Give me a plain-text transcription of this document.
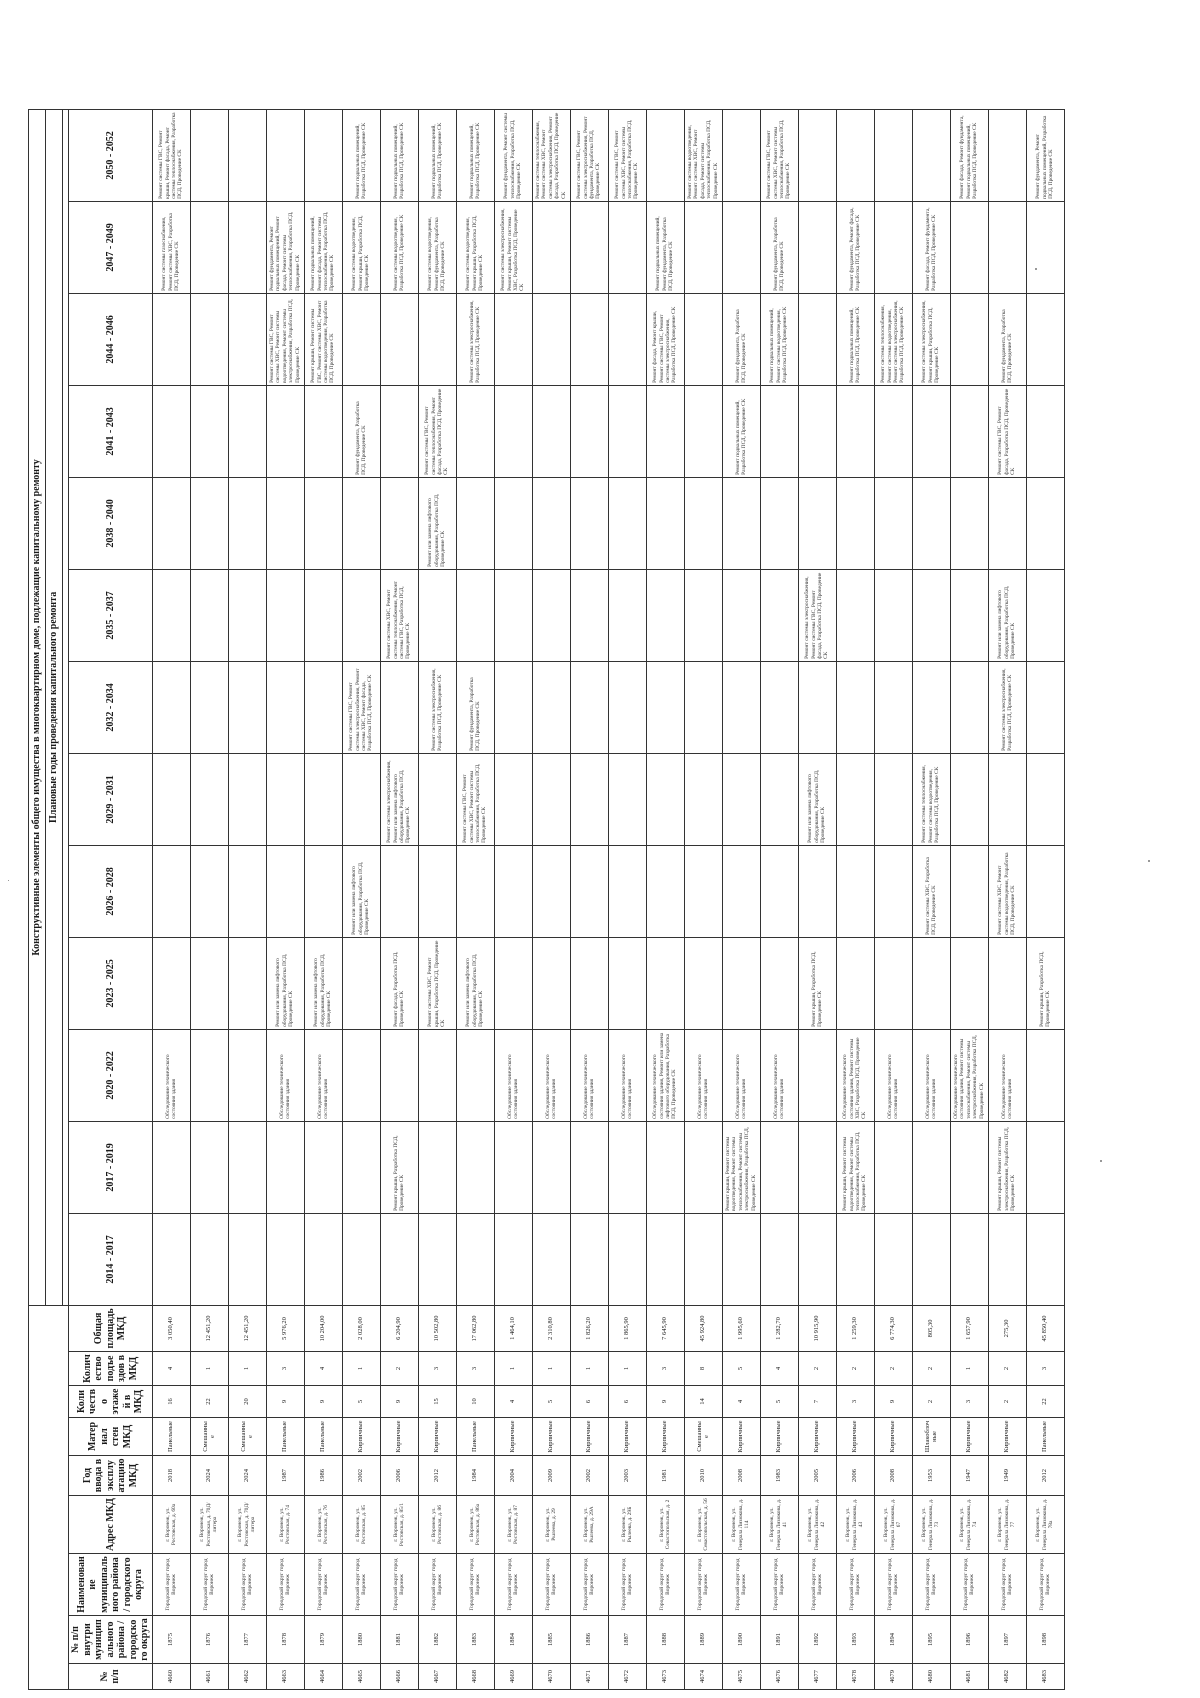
									Конструктивные элементы общего имущества в многоквартирном доме, подлежащие капитальному ремонту												
									Плановые годы проведения капитального ремонта												

№ п/п	№ п/п внутри муниципального района / городского округа	Наименование муниципального района / городского округа	Адрес МКД	Год ввода в эксплуатацию МКД	Материал стен МКД	Количество этажей в МКД	Количество подъездов в МКД	Общая площадь МКД	2014 - 2017	2017 - 2019	2020 - 2022	2023 - 2025	2026 - 2028	2029 - 2031	2032 - 2034	2035 - 2037	2038 - 2040	2041 - 2043	2044 - 2046	2047 - 2049	2050 - 2052
4660	1875	Городской округ город Воронеж	г. Воронеж, ул. Ростовская, д. 60а	2018	Панельные	16	4	3 050,40			Обследование технического состояния здания									Ремонт системы газоснабжения, Ремонт системы ХВС, Разработка ПСД, Проведение СК	Ремонт системы ГВС, Ремонт крыши, Ремонт фасада, Ремонт системы теплоснабжения, Разработка ПСД, Проведение СК
4661	1876	Городской округ город Воронеж	г. Воронеж, ул. Ростовская, д. 70Д/литера	2024	Смешанные	22	1	12 451,20													
4662	1877	Городской округ город Воронеж	г. Воронеж, ул. Ростовская, д. 70Д/литера	2024	Смешанные	20	1	12 451,20													
4663	1878	Городской округ город Воронеж	г. Воронеж, ул. Ростовская, д. 74	1987	Панельные	9	3	5 976,20			Обследование технического состояния здания	Ремонт или замена лифтового оборудования, Разработка ПСД, Проведение СК							Ремонт системы ГВС, Ремонт системы ХВС, Ремонт системы водоотведения, Ремонт системы электроснабжения, Разработка ПСД, Проведение СК	Ремонт фундамента, Ремонт подвальных помещений, Ремонт фасада, Ремонт системы теплоснабжения, Разработка ПСД, Проведение СК	
4664	1879	Городской округ город Воронеж	г. Воронеж, ул. Ростовская, д. 76	1986	Панельные	9	4	10 204,00			Обследование технического состояния здания	Ремонт или замена лифтового оборудования, Разработка ПСД, Проведение СК							Ремонт крыши, Ремонт системы ГВС, Ремонт системы ХВС, Ремонт системы водоотведения, Разработка ПСД, Проведение СК	Ремонт подвальных помещений, Ремонт фасада, Ремонт системы теплоснабжения, Разработка ПСД, Проведение СК	
4665	1880	Городской округ город Воронеж	г. Воронеж, ул. Ростовская, д. 85	2002	Кирпичные	5	1	2 028,00					Ремонт или замена лифтового оборудования, Разработка ПСД, Проведение СК		Ремонт системы ГВС, Ремонт системы электроснабжения, Ремонт системы ХВС, Ремонт фасада, Разработка ПСД, Проведение СК			Ремонт фундамента, Разработка ПСД, Проведение СК		Ремонт системы водоотведения, Ремонт крыши, Разработка ПСД, Проведение СК	Ремонт подвальных помещений, Разработка ПСД, Проведение СК
4666	1881	Городской округ город Воронеж	г. Воронеж, ул. Ростовская, д. 85/1	2006	Кирпичные	9	2	6 204,90		Ремонт крыши, Разработка ПСД, Проведение СК		Ремонт фасада, Разработка ПСД, Проведение СК		Ремонт системы электроснабжения, Ремонт или замена лифтового оборудования, Разработка ПСД, Проведение СК		Ремонт системы ХВС, Ремонт системы теплоснабжения, Ремонт системы ГВС, Разработка ПСД, Проведение СК				Ремонт системы водоотведения, Разработка ПСД, Проведение СК	Ремонт подвальных помещений, Разработка ПСД, Проведение СК
4667	1882	Городской округ город Воронеж	г. Воронеж, ул. Ростовская, д. 86	2012	Кирпичные	15	3	10 502,80				Ремонт системы ХВС, Ремонт крыши, Разработка ПСД, Проведение СК			Ремонт системы электроснабжения, Разработка ПСД, Проведение СК		Ремонт или замена лифтового оборудования, Разработка ПСД, Проведение СК	Ремонт системы ГВС, Ремонт системы теплоснабжения, Ремонт фасада, Разработка ПСД, Проведение СК		Ремонт системы водоотведения, Ремонт фундамента, Разработка ПСД, Проведение СК	Ремонт подвальных помещений, Разработка ПСД, Проведение СК
4668	1883	Городской округ город Воронеж	г. Воронеж, ул. Ростовская, д. 86а	1984	Панельные	10	3	17 062,80				Ремонт или замена лифтового оборудования, Разработка ПСД, Проведение СК		Ремонт системы ГВС, Ремонт системы ХВС, Ремонт системы теплоснабжения, Разработка ПСД, Проведение СК	Ремонт фундамента, Разработка ПСД, Проведение СК				Ремонт системы электроснабжения, Разработка ПСД, Проведение СК	Ремонт системы водоотведения, Ремонт крыши, Разработка ПСД, Проведение СК	Ремонт подвальных помещений, Разработка ПСД, Проведение СК
4669	1884	Городской округ город Воронеж	г. Воронеж, ул. Ростовская, д. 87	2004	Кирпичные	4	1	1 464,10			Обследование технического состояния здания									Ремонт системы электроснабжения, Ремонт крыши, Ремонт системы ХВС, Разработка ПСД, Проведение СК	Ремонт фундамента, Ремонт системы теплоснабжения, Разработка ПСД, Проведение СК
4670	1885	Городской округ город Воронеж	г. Воронеж, ул. Рылеева, д. 29	2009	Кирпичные	5	1	2 310,80			Обследование технического состояния здания										Ремонт системы теплоснабжения, Ремонт системы ХВС, Ремонт системы электроснабжения, Ремонт фасада, Разработка ПСД, Проведение СК
4671	1886	Городской округ город Воронеж	г. Воронеж, ул. Рылеева, д. 29А	2002	Кирпичные	6	1	1 826,20			Обследование технического состояния здания										Ремонт системы ГВС, Ремонт системы электроснабжения, Ремонт фундамента, Разработка ПСД, Проведение СК
4672	1887	Городской округ город Воронеж	г. Воронеж, ул. Рылеева, д. 29Б	2003	Кирпичные	6	1	1 865,90			Обследование технического состояния здания										Ремонт системы ГВС, Ремонт системы ХВС, Ремонт системы теплоснабжения, Разработка ПСД, Проведение СК
4673	1888	Городской округ город Воронеж	г. Воронеж, ул. Севастопольская, д. 2	1981	Кирпичные	9	3	7 645,90			Обследование технического состояния здания, Ремонт или замена лифтового оборудования, Разработка ПСД, Проведение СК								Ремонт фасада, Ремонт крыши, Ремонт системы ГВС, Ремонт системы электроснабжения, Разработка ПСД, Проведение СК	Ремонт подвальных помещений, Ремонт фундамента, Разработка ПСД, Проведение СК	
4674	1889	Городской округ город Воронеж	г. Воронеж, ул. Севастопольская, д. 56	2010	Смешанные	14	8	45 924,80			Обследование технического состояния здания										Ремонт системы водоотведения, Ремонт системы ХВС, Ремонт фасада, Ремонт системы теплоснабжения, Разработка ПСД, Проведение СК
4675	1890	Городской округ город Воронеж	г. Воронеж, ул. Генерала Лизюкова, д. 114	2008	Кирпичные	4	5	1 995,60		Ремонт крыши, Ремонт системы водоотведения, Ремонт системы теплоснабжения, Ремонт системы электроснабжения, Разработка ПСД, Проведение СК	Обследование технического состояния здания							Ремонт подвальных помещений, Разработка ПСД, Проведение СК	Ремонт фундамента, Разработка ПСД, Проведение СК		
4676	1891	Городской округ город Воронеж	г. Воронеж, ул. Генерала Лизюкова, д. 41	1983	Кирпичные	5	4	1 282,70			Обследование технического состояния здания								Ремонт подвальных помещений, Ремонт системы водоотведения, Разработка ПСД, Проведение СК	Ремонт фундамента, Разработка ПСД, Проведение СК	Ремонт системы ГВС, Ремонт системы ХВС, Ремонт системы теплоснабжения, Разработка ПСД, Проведение СК
4677	1892	Городской округ город Воронеж	г. Воронеж, ул. Генерала Лизюкова, д. 42	2005	Кирпичные	7	2	10 915,90				Ремонт крыши, Разработка ПСД, Проведение СК		Ремонт или замена лифтового оборудования, Разработка ПСД, Проведение СК		Ремонт системы электроснабжения, Ремонт системы ГВС, Ремонт фасада, Разработка ПСД, Проведение СК					
4678	1893	Городской округ город Воронеж	г. Воронеж, ул. Генерала Лизюкова, д. 43	2006	Кирпичные	3	2	1 259,30		Ремонт крыши, Ремонт системы водоотведения, Ремонт системы теплоснабжения, Разработка ПСД, Проведение СК	Обследование технического состояния здания, Ремонт системы ХВС, Разработка ПСД, Проведение СК								Ремонт подвальных помещений, Разработка ПСД, Проведение СК	Ремонт фундамента, Ремонт фасада, Разработка ПСД, Проведение СК	
4679	1894	Городской округ город Воронеж	г. Воронеж, ул. Генерала Лизюкова, д. 67	2008	Кирпичные	9	2	6 774,30			Обследование технического состояния здания								Ремонт системы теплоснабжения, Ремонт системы водоотведения, Ремонт системы электроснабжения, Разработка ПСД, Проведение СК		
4680	1895	Городской округ город Воронеж	г. Воронеж, ул. Генерала Лизюкова, д. 73	1953	Шлакоблочные	2	2	805,30			Обследование технического состояния здания		Ремонт системы ХВС, Разработка ПСД, Проведение СК	Ремонт системы теплоснабжения, Ремонт системы водоотведения, Разработка ПСД, Проведение СК					Ремонт системы электроснабжения, Ремонт крыши, Разработка ПСД, Проведение СК	Ремонт фасада, Ремонт фундамента, Разработка ПСД, Проведение СК	
4681	1896	Городской округ город Воронеж	г. Воронеж, ул. Генерала Лизюкова, д. 74	1947	Кирпичные	3	1	1 657,90			Обследование технического состояния здания, Ремонт системы теплоснабжения, Ремонт системы электроснабжения, Разработка ПСД, Проведение СК										Ремонт фасада, Ремонт фундамента, Ремонт подвальных помещений, Разработка ПСД, Проведение СК
4682	1897	Городской округ город Воронеж	г. Воронеж, ул. Генерала Лизюкова, д. 77	1949	Кирпичные	2	2	275,30		Ремонт крыши, Ремонт системы электроснабжения, Разработка ПСД, Проведение СК	Обследование технического состояния здания		Ремонт системы ХВС, Ремонт системы водоотведения, Разработка ПСД, Проведение СК		Ремонт системы электроснабжения, Разработка ПСД, Проведение СК	Ремонт или замена лифтового оборудования, Разработка ПСД, Проведение СК		Ремонт системы ГВС, Ремонт фасада, Разработка ПСД, Проведение СК	Ремонт фундамента, Разработка ПСД, Проведение СК		
4683	1898	Городской округ город Воронеж	г. Воронеж, ул. Генерала Лизюкова, д. 78а	2012	Панельные	22	3	45 850,40				Ремонт крыши, Разработка ПСД, Проведение СК									Ремонт фундамента, Ремонт подвальных помещений, Разработка ПСД, Проведение СК
